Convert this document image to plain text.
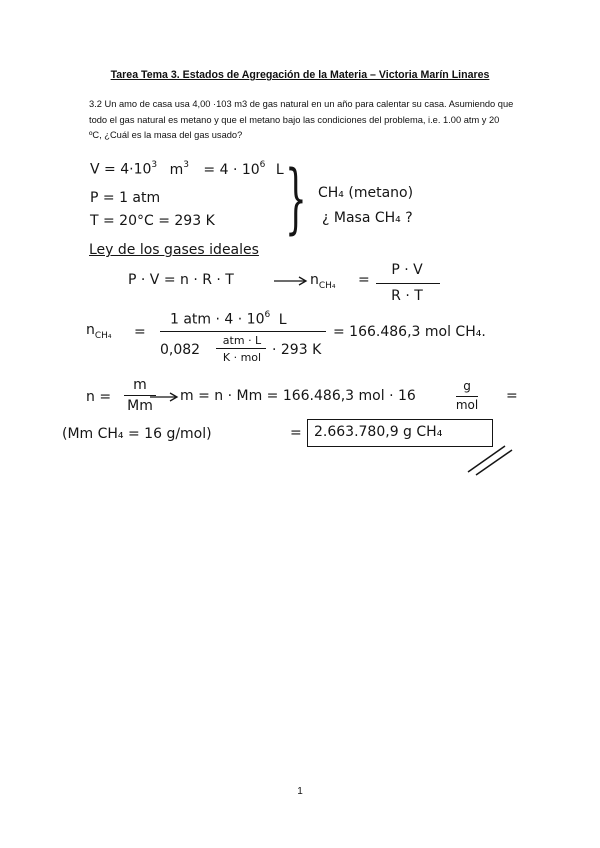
Tarea Tema 3. Estados de Agregación de la Materia – Victoria Marín Linares
3.2 Un amo de casa usa 4,00 ·103 m3 de gas natural en un año para calentar su casa. Asumiendo que todo el gas natural es metano y que el metano bajo las condiciones del problema, i.e. 1.00 atm y 20 ºC, ¿Cuál es la masa del gas usado?
$V = 4\cdot 10^3$ $m^3 = 4 \cdot 10^6$ L
P = 1 atm
T = 20°C = 293 K } CH₄ (metano)
¿ Masa CH₄ ?
Ley de los gases ideales
P · V = n · R · T	$n_{CH_4}$ =
P · V
R · T
$n_{CH_4}$ =
1 atm · $4 \cdot 10^6$ L
0,082
atm · L
K · mol · 293 K
= 166.486,3 mol CH₄.
n =
m
Mm
m = n · Mm = 166.486,3 mol · 16
g
mol
=
(Mm CH₄ = 16 g/mol)	= 2.663.780,9 g CH₄
1
